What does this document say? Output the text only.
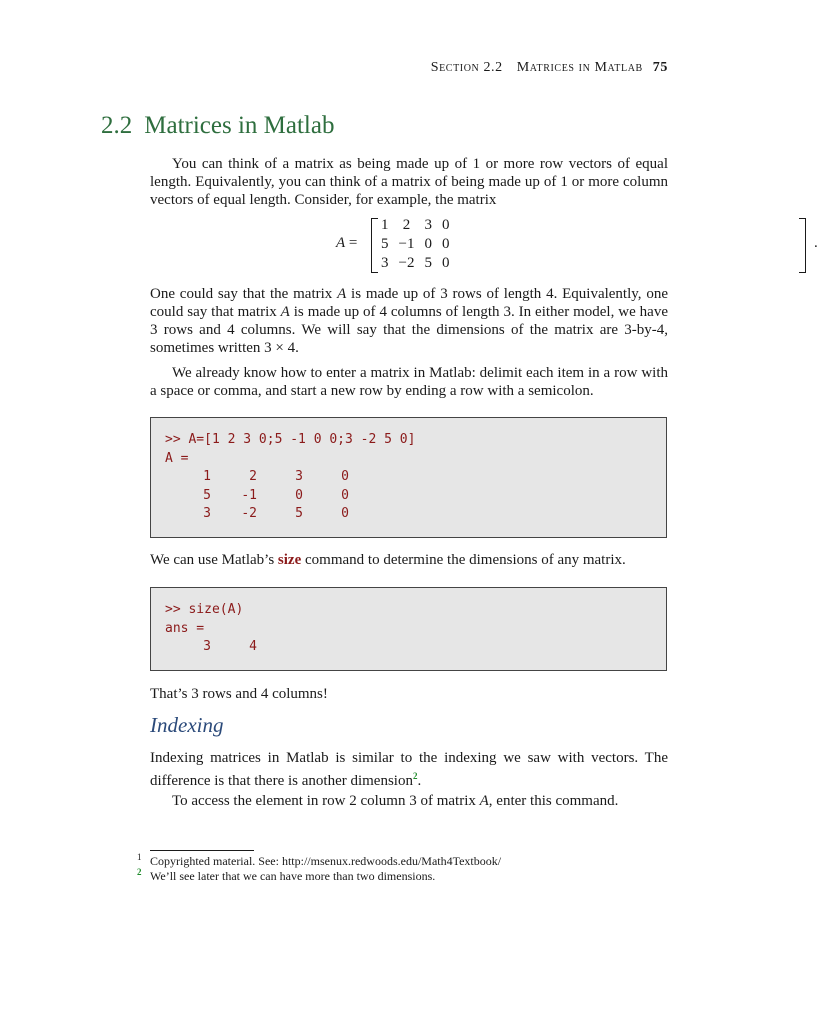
Section 2.2 Matrices in Matlab 75
2.2 Matrices in Matlab
You can think of a matrix as being made up of 1 or more row vectors of equal length. Equivalently, you can think of a matrix of being made up of 1 or more column vectors of equal length. Consider, for example, the matrix
A =
1	2	3	0
5	−1	0	0
3	−2	5	0
.
One could say that the matrix A is made up of 3 rows of length 4. Equivalently, one could say that matrix A is made up of 4 columns of length 3. In either model, we have 3 rows and 4 columns. We will say that the dimensions of the matrix are 3-by-4, sometimes written 3 × 4.
We already know how to enter a matrix in Matlab: delimit each item in a row with a space or comma, and start a new row by ending a row with a semicolon.
>> A=[1 2 3 0;5 -1 0 0;3 -2 5 0]
A =
1	2	3	0
5 -1	0	0
3 -2	5	0
We can use Matlab’s size command to determine the dimensions of any matrix.
>> size(A)
ans =
3	4
That’s 3 rows and 4 columns!
Indexing
Indexing matrices in Matlab is similar to the indexing we saw with vectors. The difference is that there is another dimension$^2$.
To access the element in row 2 column 3 of matrix A, enter this command.
1 Copyrighted material. See: http://msenux.redwoods.edu/Math4Textbook/
2 We’ll see later that we can have more than two dimensions.
